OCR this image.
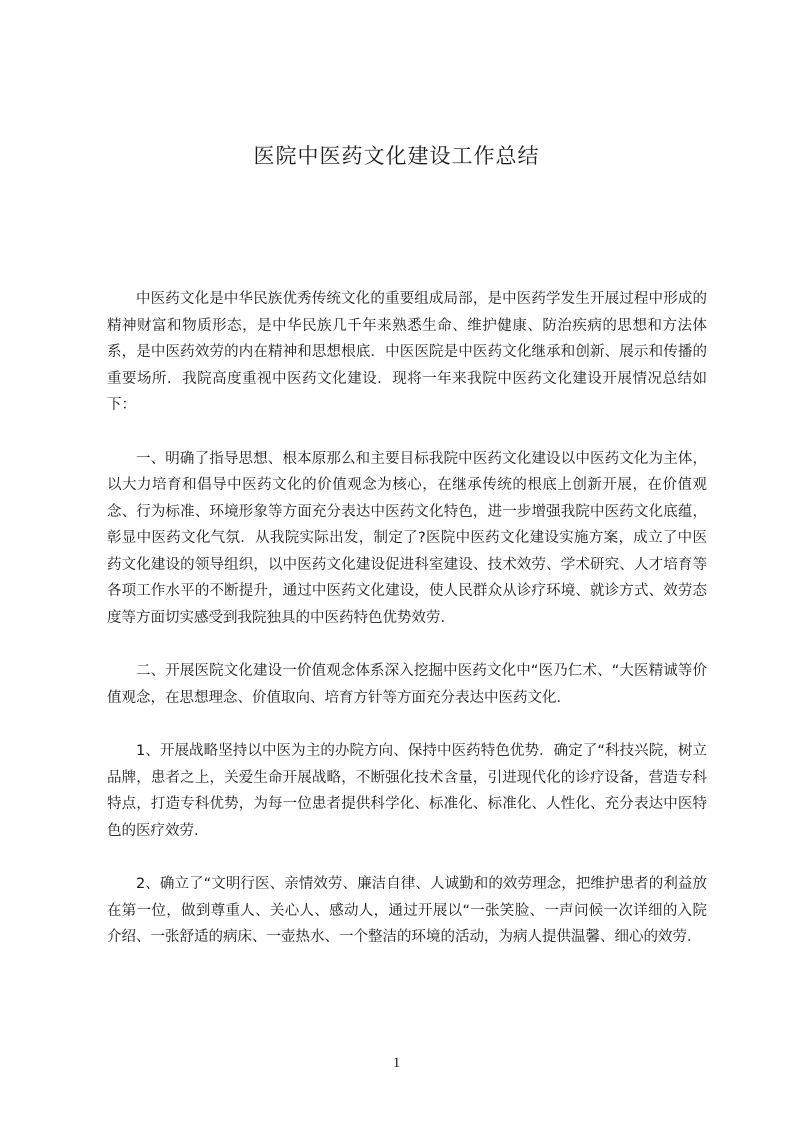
医院中医药文化建设工作总结

中医药文化是中华民族优秀传统文化的重要组成局部，是中医药学发生开展过程中形成的精神财富和物质形态，是中华民族几千年来熟悉生命、维护健康、防治疾病的思想和方法体系，是中医药效劳的内在精神和思想根底．中医医院是中医药文化继承和创新、展示和传播的重要场所．我院高度重视中医药文化建设．现将一年来我院中医药文化建设开展情况总结如下：

一、明确了指导思想、根本原那么和主要目标我院中医药文化建设以中医药文化为主体，以大力培育和倡导中医药文化的价值观念为核心，在继承传统的根底上创新开展，在价值观念、行为标准、环境形象等方面充分表达中医药文化特色，进一步增强我院中医药文化底蕴，彰显中医药文化气氛．从我院实际出发，制定了?医院中医药文化建设实施方案，成立了中医药文化建设的领导组织，以中医药文化建设促进科室建设、技术效劳、学术研究、人才培育等各项工作水平的不断提升，通过中医药文化建设，使人民群众从诊疗环境、就诊方式、效劳态度等方面切实感受到我院独具的中医药特色优势效劳．

二、开展医院文化建设一价值观念体系深入挖掘中医药文化中“医乃仁术、“大医精诚等价值观念，在思想理念、价值取向、培育方针等方面充分表达中医药文化．

1、开展战略坚持以中医为主的办院方向、保持中医药特色优势．确定了“科技兴院，树立品牌，患者之上，关爱生命开展战略，不断强化技术含量，引进现代化的诊疗设备，营造专科特点，打造专科优势，为每一位患者提供科学化、标准化、标准化、人性化、充分表达中医特色的医疗效劳．

2、确立了“文明行医、亲情效劳、廉洁自律、人诚勤和的效劳理念，把维护患者的利益放在第一位，做到尊重人、关心人、感动人，通过开展以“一张笑脸、一声问候一次详细的入院介绍、一张舒适的病床、一壶热水、一个整洁的环境的活动，为病人提供温馨、细心的效劳．

1
